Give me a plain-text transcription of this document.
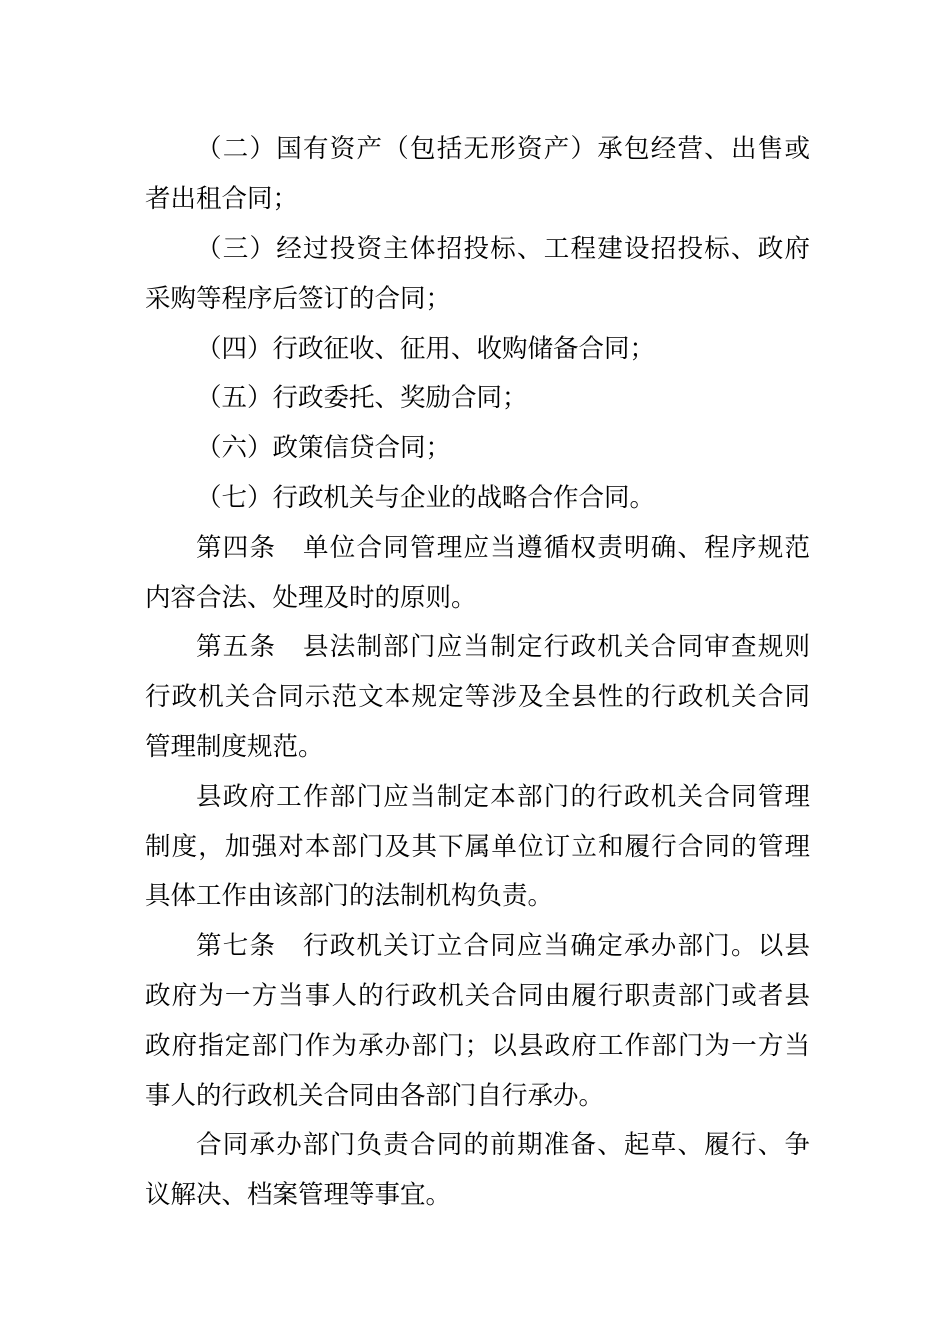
（二）国有资产（包括无形资产）承包经营、出售或
者出租合同；
（三）经过投资主体招投标、工程建设招投标、政府
采购等程序后签订的合同；
（四）行政征收、征用、收购储备合同；
（五）行政委托、奖励合同；
（六）政策信贷合同；
（七）行政机关与企业的战略合作合同。
第四条　单位合同管理应当遵循权责明确、程序规范
内容合法、处理及时的原则。
第五条　县法制部门应当制定行政机关合同审查规则
行政机关合同示范文本规定等涉及全县性的行政机关合同
管理制度规范。
县政府工作部门应当制定本部门的行政机关合同管理
制度，加强对本部门及其下属单位订立和履行合同的管理
具体工作由该部门的法制机构负责。
第七条　行政机关订立合同应当确定承办部门。以县
政府为一方当事人的行政机关合同由履行职责部门或者县
政府指定部门作为承办部门；以县政府工作部门为一方当
事人的行政机关合同由各部门自行承办。
合同承办部门负责合同的前期准备、起草、履行、争
议解决、档案管理等事宜。
